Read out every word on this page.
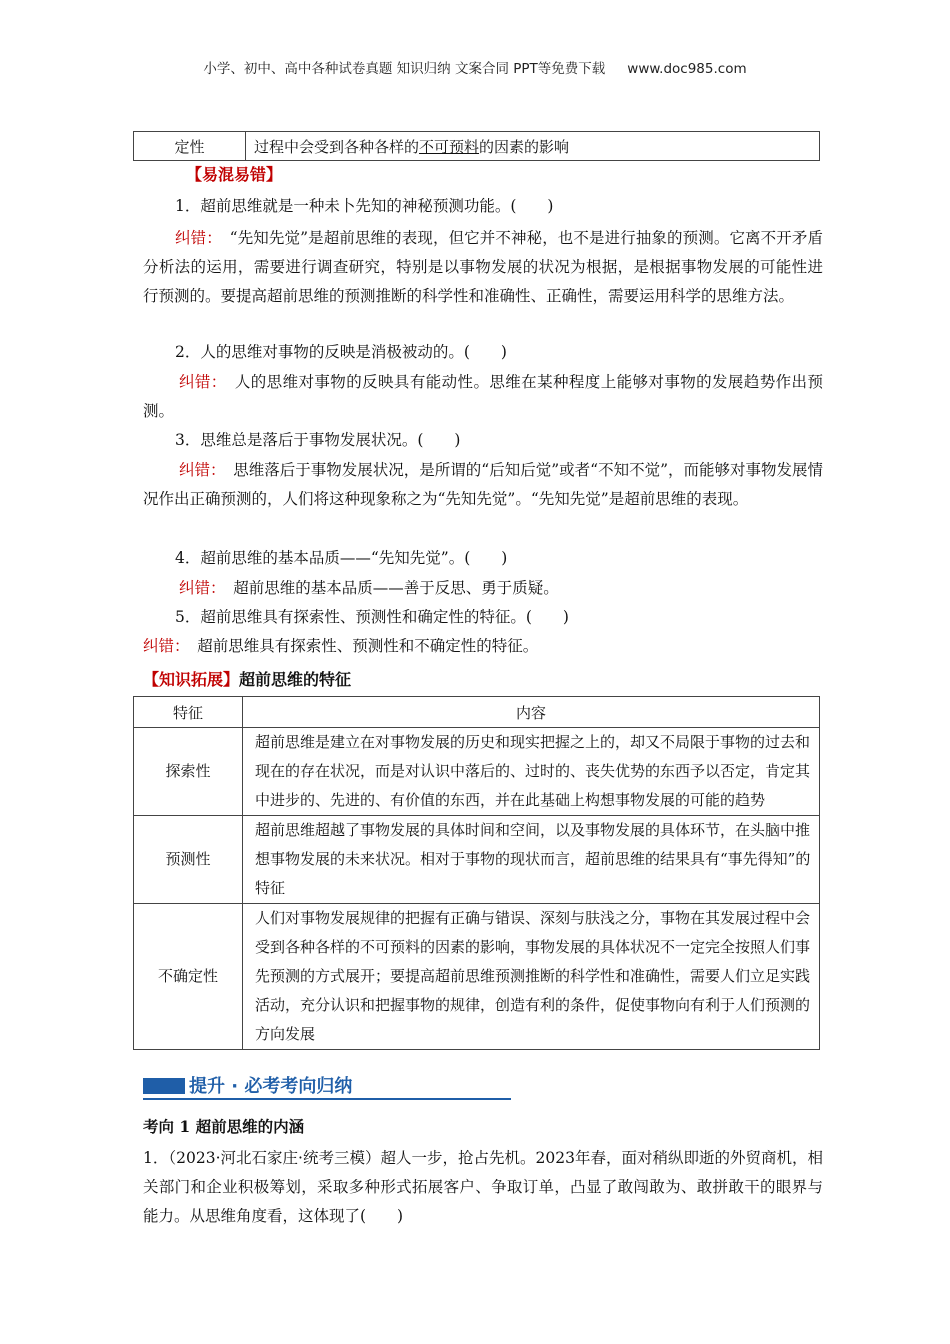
小学、初中、高中各种试卷真题 知识归纳 文案合同 PPT等免费下载 www.doc985.com
定性	过程中会受到各种各样的不可预料的因素的影响
【易混易错】
1．超前思维就是一种未卜先知的神秘预测功能。(　　)
纠错：　 “先知先觉”是超前思维的表现，但它并不神秘，也不是进行抽象的预测。它离不开矛盾分析法的运用，需要进行调查研究，特别是以事物发展的状况为根据，是根据事物发展的可能性进行预测的。要提高超前思维的预测推断的科学性和准确性、正确性，需要运用科学的思维方法。
2．人的思维对事物的反映是消极被动的。(　　)
纠错：　 人的思维对事物的反映具有能动性。思维在某种程度上能够对事物的发展趋势作出预测。
3．思维总是落后于事物发展状况。(　　)
纠错：　 思维落后于事物发展状况，是所谓的“后知后觉”或者“不知不觉”，而能够对事物发展情况作出正确预测的，人们将这种现象称之为“先知先觉”。“先知先觉”是超前思维的表现。
4．超前思维的基本品质——“先知先觉”。(　　)
纠错：　 超前思维的基本品质——善于反思、勇于质疑。
5．超前思维具有探索性、预测性和确定性的特征。(　　)
纠错：　 超前思维具有探索性、预测性和不确定性的特征。
【知识拓展】超前思维的特征
特征	内容
探索性	超前思维是建立在对事物发展的历史和现实把握之上的，却又不局限于事物的过去和现在的存在状况，而是对认识中落后的、过时的、丧失优势的东西予以否定，肯定其中进步的、先进的、有价值的东西，并在此基础上构想事物发展的可能的趋势
预测性	超前思维超越了事物发展的具体时间和空间，以及事物发展的具体环节，在头脑中推想事物发展的未来状况。相对于事物的现状而言，超前思维的结果具有“事先得知”的特征
不确定性	人们对事物发展规律的把握有正确与错误、深刻与肤浅之分，事物在其发展过程中会受到各种各样的不可预料的因素的影响，事物发展的具体状况不一定完全按照人们事先预测的方式展开；要提高超前思维预测推断的科学性和准确性，需要人们立足实践活动，充分认识和把握事物的规律，创造有利的条件，促使事物向有利于人们预测的方向发展
提升 · 必考考向归纳
考向 1 超前思维的内涵
1．（2023·河北石家庄·统考三模）超人一步，抢占先机。2023年春，面对稍纵即逝的外贸商机，相关部门和企业积极筹划，采取多种形式拓展客户、争取订单，凸显了敢闯敢为、敢拼敢干的眼界与能力。从思维角度看，这体现了(　　)
